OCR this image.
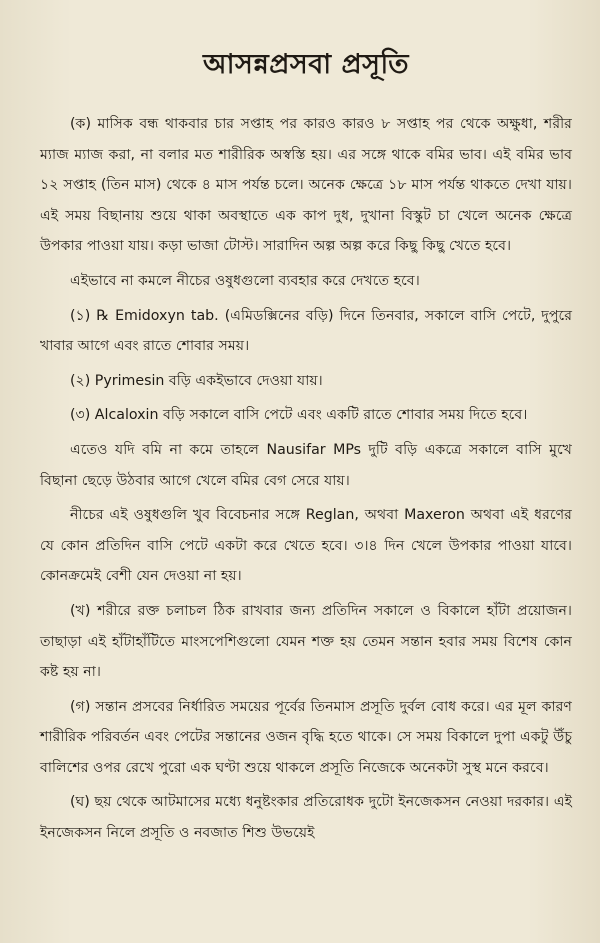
আসন্নপ্রসবা প্রসূতি

(ক) মাসিক বন্ধ থাকবার চার সপ্তাহ পর কারও কারও ৮ সপ্তাহ পর থেকে অক্ষুধা, শরীর ম্যাজ ম্যাজ করা, না বলার মত শারীরিক অস্বস্তি হয়। এর সঙ্গে থাকে বমির ভাব। এই বমির ভাব ১২ সপ্তাহ (তিন মাস) থেকে ৪ মাস পর্যন্ত চলে। অনেক ক্ষেত্রে ১৮ মাস পর্যন্ত থাকতে দেখা যায়। এই সময় বিছানায় শুয়ে থাকা অবস্থাতে এক কাপ দুধ, দুখানা বিস্কুট চা খেলে অনেক ক্ষেত্রে উপকার পাওয়া যায়। কড়া ভাজা টোস্ট। সারাদিন অল্প অল্প করে কিছু কিছু খেতে হবে।

এইভাবে না কমলে নীচের ওষুধগুলো ব্যবহার করে দেখতে হবে।

(১) ℞ Emidoxyn tab. (এমিডক্সিনের বড়ি) দিনে তিনবার, সকালে বাসি পেটে, দুপুরে খাবার আগে এবং রাতে শোবার সময়।

(২) Pyrimesin বড়ি একইভাবে দেওয়া যায়।

(৩) Alcaloxin বড়ি সকালে বাসি পেটে এবং একটি রাতে শোবার সময় দিতে হবে।

এতেও যদি বমি না কমে তাহলে Nausifar MPs দুটি বড়ি একত্রে সকালে বাসি মুখে বিছানা ছেড়ে উঠবার আগে খেলে বমির বেগ সেরে যায়।

নীচের এই ওষুধগুলি খুব বিবেচনার সঙ্গে Reglan, অথবা Maxeron অথবা এই ধরণের যে কোন প্রতিদিন বাসি পেটে একটা করে খেতে হবে। ৩।৪ দিন খেলে উপকার পাওয়া যাবে। কোনক্রমেই বেশী যেন দেওয়া না হয়।

(খ) শরীরে রক্ত চলাচল ঠিক রাখবার জন্য প্রতিদিন সকালে ও বিকালে হাঁটা প্রয়োজন। তাছাড়া এই হাঁটাহাঁটিতে মাংসপেশিগুলো যেমন শক্ত হয় তেমন সন্তান হবার সময় বিশেষ কোন কষ্ট হয় না।

(গ) সন্তান প্রসবের নির্ধারিত সময়ের পূর্বের তিনমাস প্রসূতি দুর্বল বোধ করে। এর মূল কারণ শারীরিক পরিবর্তন এবং পেটের সন্তানের ওজন বৃদ্ধি হতে থাকে। সে সময় বিকালে দুপা একটু উঁচু বালিশের ওপর রেখে পুরো এক ঘণ্টা শুয়ে থাকলে প্রসূতি নিজেকে অনেকটা সুস্থ মনে করবে।

(ঘ) ছয় থেকে আটমাসের মধ্যে ধনুষ্টংকার প্রতিরোধক দুটো ইনজেকসন নেওয়া দরকার। এই ইনজেকসন নিলে প্রসূতি ও নবজাত শিশু উভয়েই
